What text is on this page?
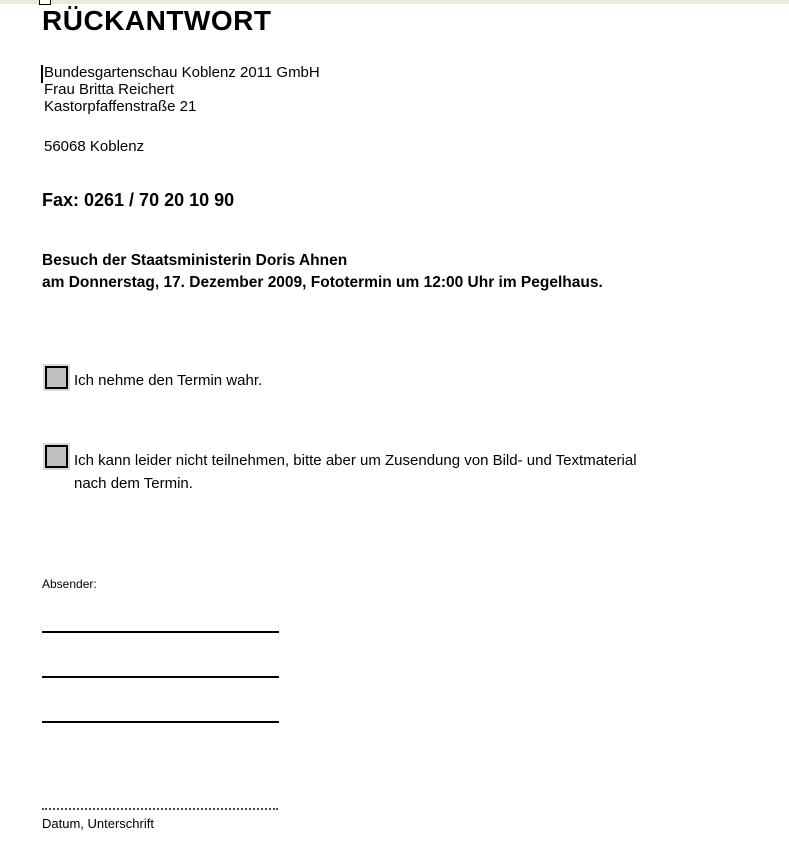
RÜCKANTWORT
Bundesgartenschau Koblenz 2011 GmbH
Frau Britta Reichert
Kastorpfaffenstraße 21
56068 Koblenz
Fax: 0261 / 70 20 10 90
Besuch der Staatsministerin Doris Ahnen
am Donnerstag, 17. Dezember 2009, Fototermin um 12:00 Uhr im Pegelhaus.
Ich nehme den Termin wahr.
Ich kann leider nicht teilnehmen, bitte aber um Zusendung von Bild- und Textmaterial
nach dem Termin.
Absender:
Datum, Unterschrift
